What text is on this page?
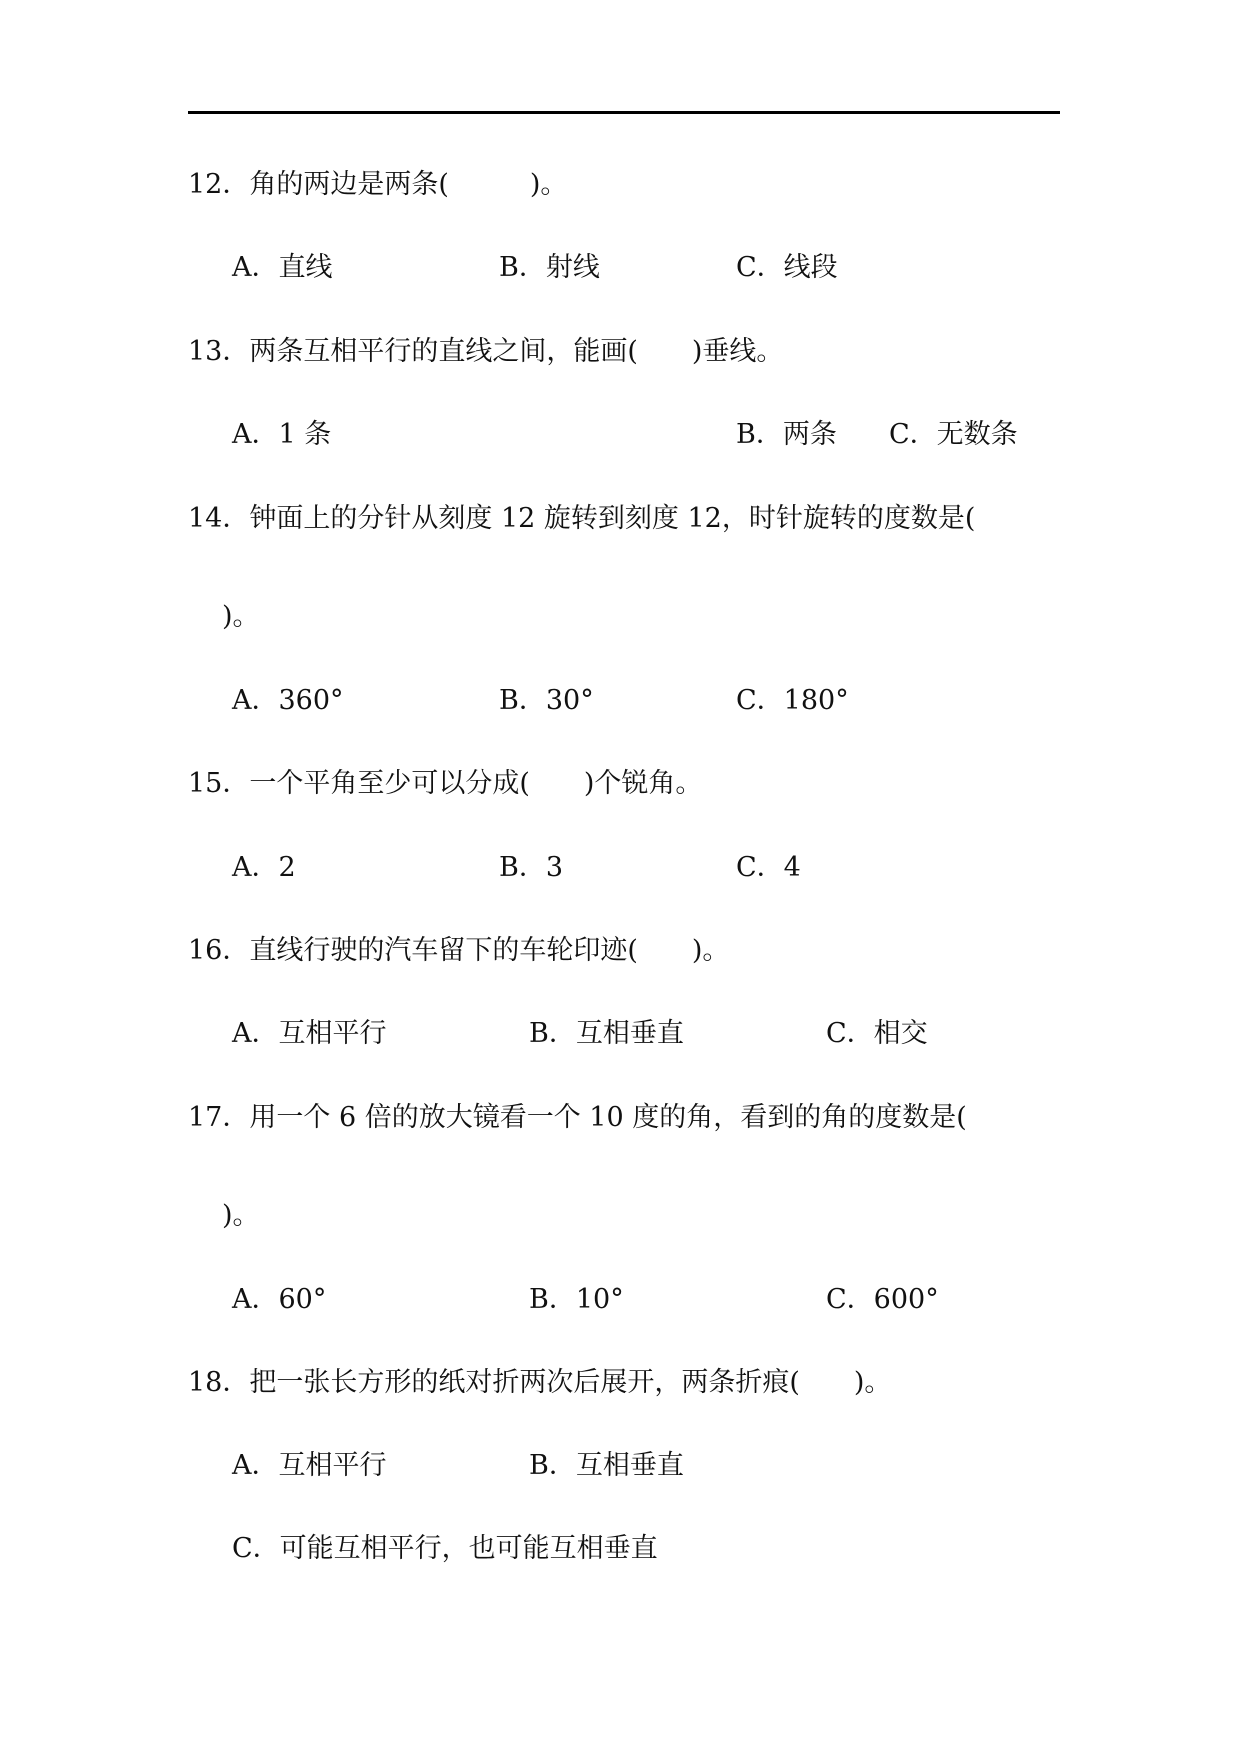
12．角的两边是两条(　　　)。
A．直线	B．射线	C．线段
13．两条互相平行的直线之间，能画(　　)垂线。
A．1 条	B．两条 C．无数条
14．钟面上的分针从刻度 12 旋转到刻度 12，时针旋转的度数是(
)。
A．360°	B．30°	C．180°
15．一个平角至少可以分成(　　)个锐角。
A．2	B．3	C．4
16．直线行驶的汽车留下的车轮印迹(　　)。
A．互相平行	B．互相垂直	C．相交
17．用一个 6 倍的放大镜看一个 10 度的角，看到的角的度数是(
)。
A．60°	B．10°	C．600°
18．把一张长方形的纸对折两次后展开，两条折痕(　　)。
A．互相平行	B．互相垂直
C．可能互相平行，也可能互相垂直
